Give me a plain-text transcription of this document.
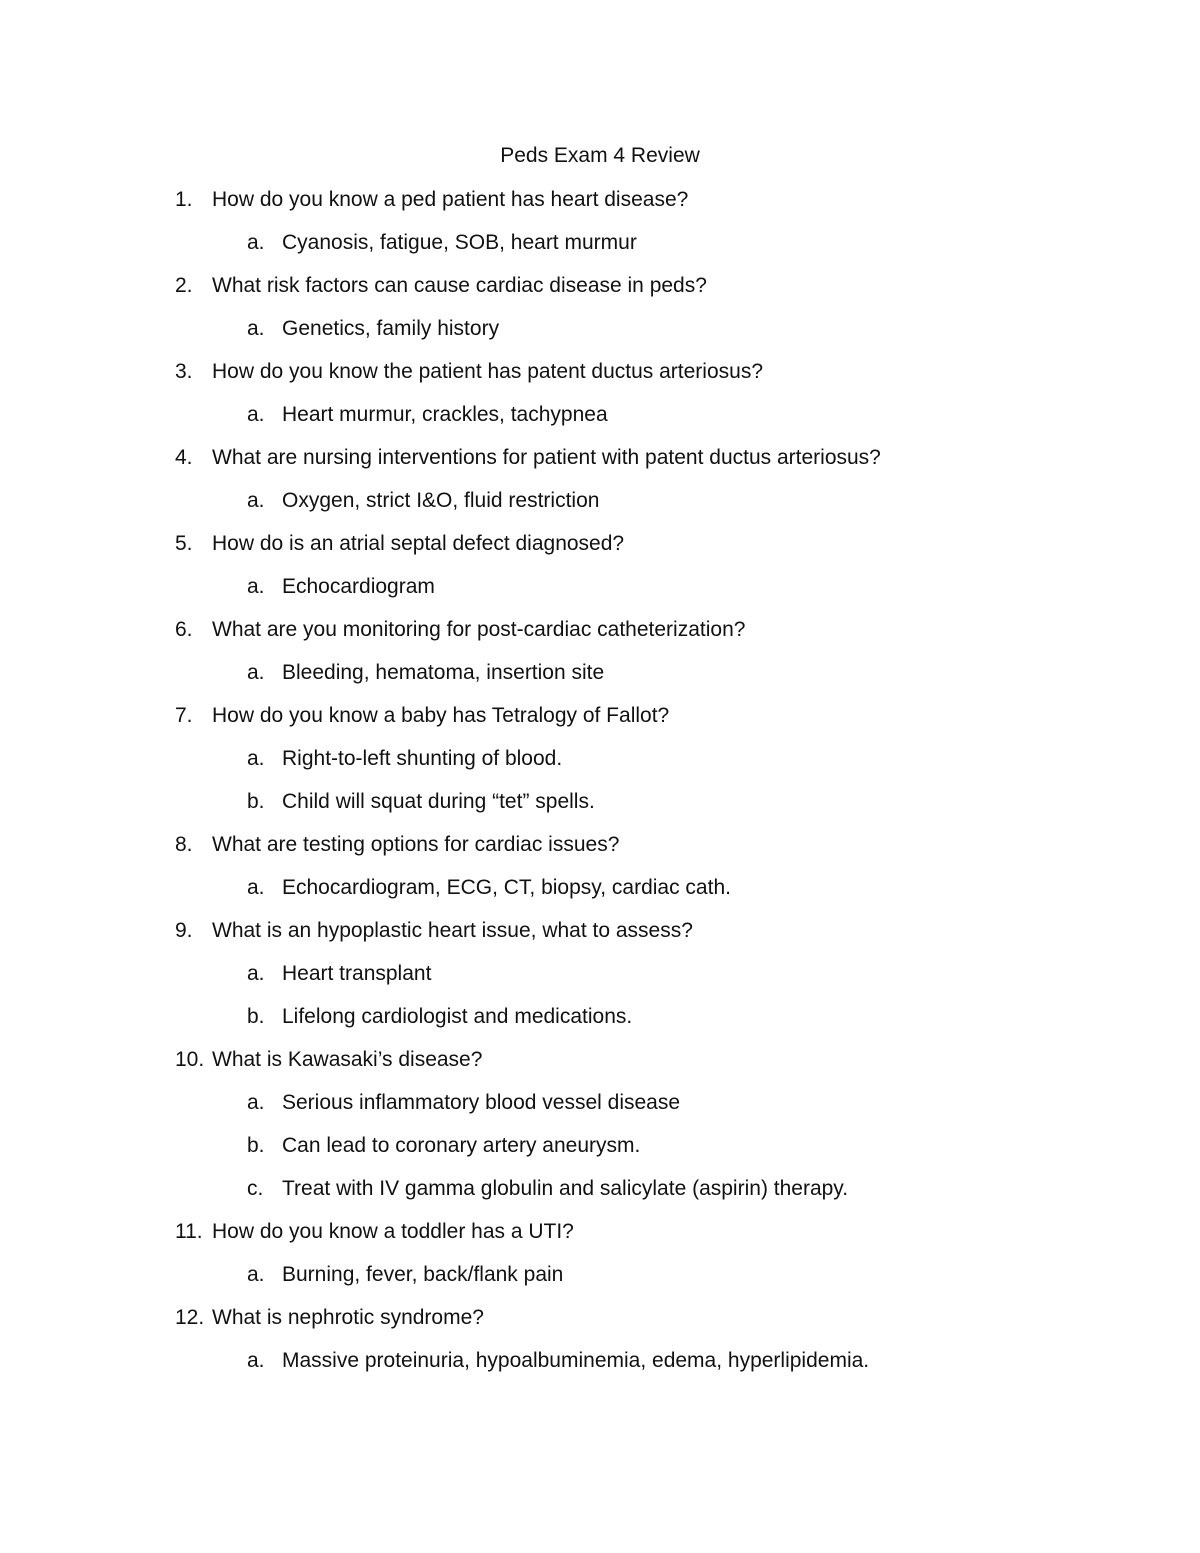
Peds Exam 4 Review
1. How do you know a ped patient has heart disease?
a. Cyanosis, fatigue, SOB, heart murmur
2. What risk factors can cause cardiac disease in peds?
a. Genetics, family history
3. How do you know the patient has patent ductus arteriosus?
a. Heart murmur, crackles, tachypnea
4. What are nursing interventions for patient with patent ductus arteriosus?
a. Oxygen, strict I&O, fluid restriction
5. How do is an atrial septal defect diagnosed?
a. Echocardiogram
6. What are you monitoring for post-cardiac catheterization?
a. Bleeding, hematoma, insertion site
7. How do you know a baby has Tetralogy of Fallot?
a. Right-to-left shunting of blood.
b. Child will squat during “tet” spells.
8. What are testing options for cardiac issues?
a. Echocardiogram, ECG, CT, biopsy, cardiac cath.
9. What is an hypoplastic heart issue, what to assess?
a. Heart transplant
b. Lifelong cardiologist and medications.
10. What is Kawasaki’s disease?
a. Serious inflammatory blood vessel disease
b. Can lead to coronary artery aneurysm.
c. Treat with IV gamma globulin and salicylate (aspirin) therapy.
11. How do you know a toddler has a UTI?
a. Burning, fever, back/flank pain
12. What is nephrotic syndrome?
a. Massive proteinuria, hypoalbuminemia, edema, hyperlipidemia.
